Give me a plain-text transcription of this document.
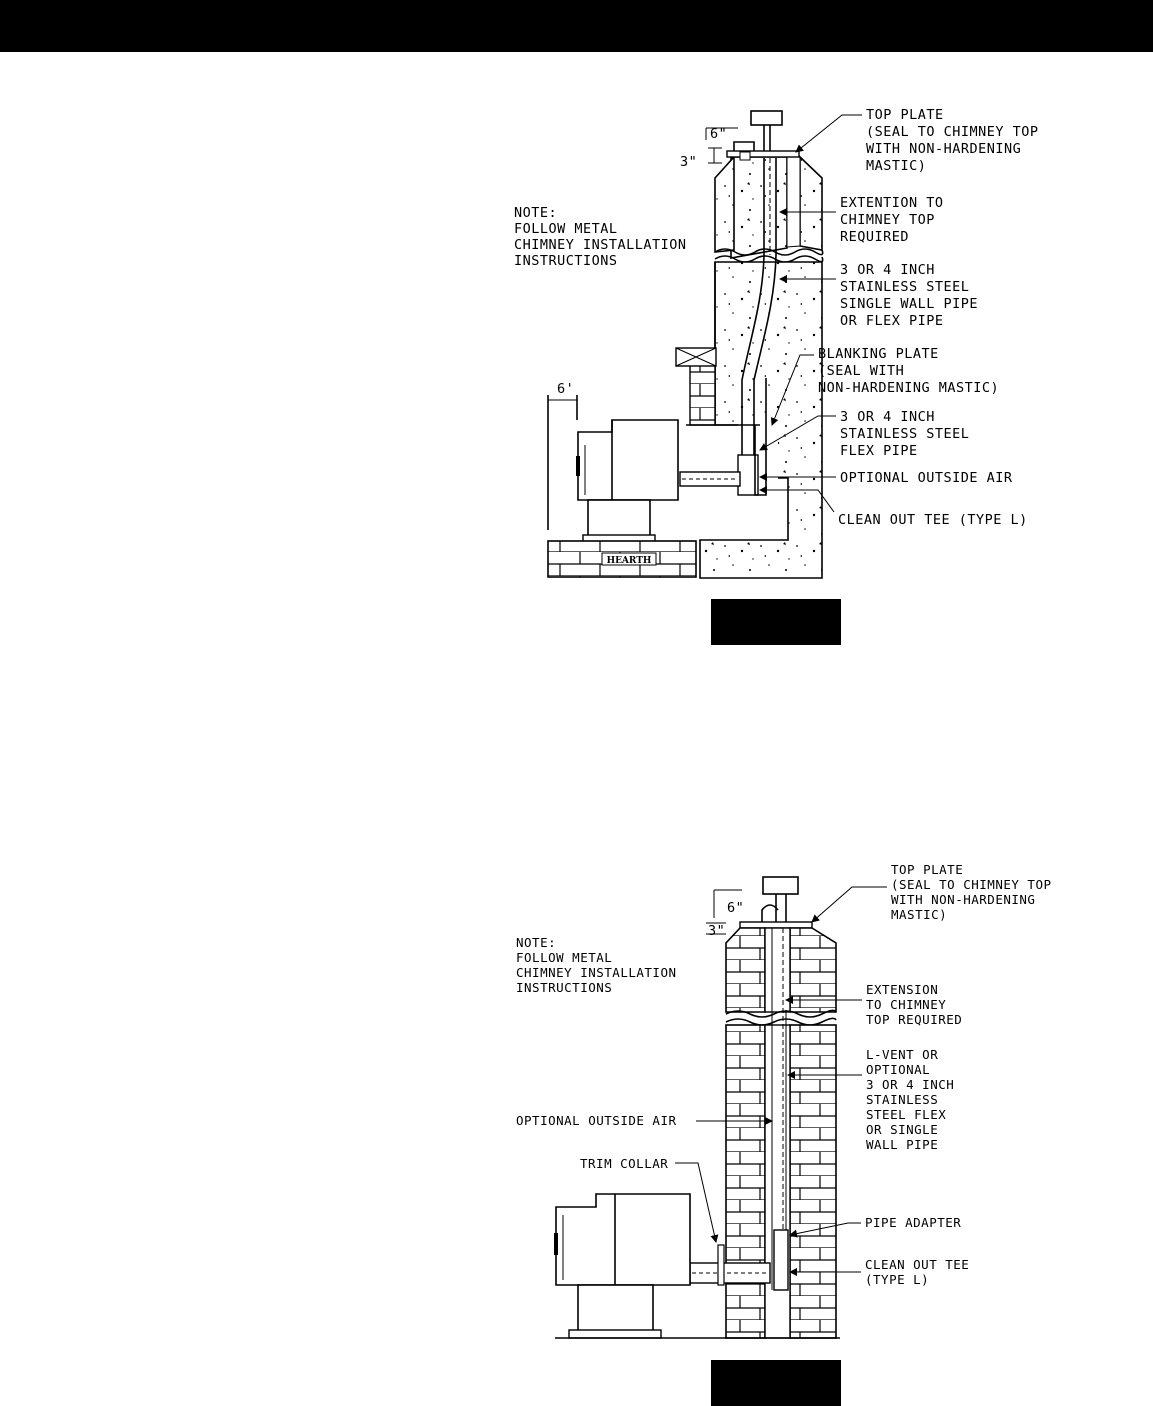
HEARTH
6"
3"
6'
NOTE:
FOLLOW METAL
CHIMNEY INSTALLATION
INSTRUCTIONS
TOP PLATE
(SEAL TO CHIMNEY TOP
WITH NON-HARDENING
MASTIC)
EXTENTION TO
CHIMNEY TOP
REQUIRED
3 OR 4 INCH
STAINLESS STEEL
SINGLE WALL PIPE
OR FLEX PIPE
BLANKING PLATE
(SEAL WITH
NON-HARDENING MASTIC)
3 OR 4 INCH
STAINLESS STEEL
FLEX PIPE
OPTIONAL OUTSIDE AIR
CLEAN OUT TEE (TYPE L)
6"
3"
NOTE:
FOLLOW METAL
CHIMNEY INSTALLATION
INSTRUCTIONS
TOP PLATE
(SEAL TO CHIMNEY TOP
WITH NON-HARDENING
MASTIC)
EXTENSION
TO CHIMNEY
TOP REQUIRED
L-VENT OR
OPTIONAL
3 OR 4 INCH
STAINLESS
STEEL FLEX
OR SINGLE
WALL PIPE
OPTIONAL OUTSIDE AIR
TRIM COLLAR
PIPE ADAPTER
CLEAN OUT TEE
(TYPE L)
